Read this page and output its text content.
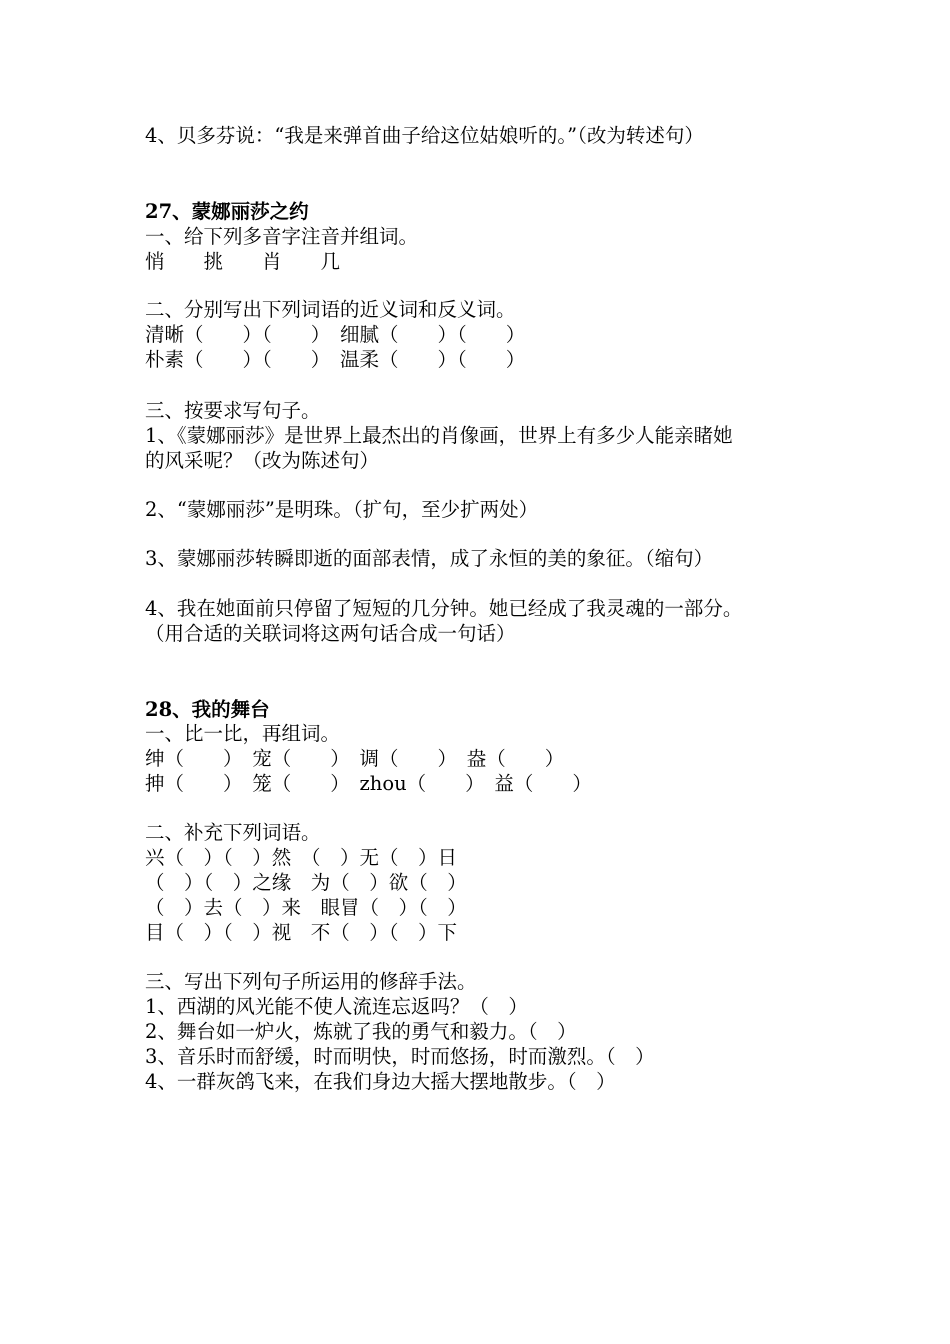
4、贝多芬说：“我是来弹首曲子给这位姑娘听的。”（改为转述句）
27、蒙娜丽莎之约
一、给下列多音字注音并组词。
悄　　挑　　肖　　几
二、分别写出下列词语的近义词和反义词。
清晰（　　）（　　）　细腻（　　）（　　）
朴素（　　）（　　）　温柔（　　）（　　）
三、按要求写句子。
1、《蒙娜丽莎》是世界上最杰出的肖像画，世界上有多少人能亲睹她
的风采呢？（改为陈述句）
2、“蒙娜丽莎”是明珠。（扩句，至少扩两处）
3、蒙娜丽莎转瞬即逝的面部表情，成了永恒的美的象征。（缩句）
4、我在她面前只停留了短短的几分钟。她已经成了我灵魂的一部分。
（用合适的关联词将这两句话合成一句话）
28、我的舞台
一、比一比，再组词。
绅（　　）　宠（　　）　调（　　）　盎（　　）
抻（　　）　笼（　　）　zhou（　　）　益（　　）
二、补充下列词语。
兴（　）（　）然　（　）无（　）日
（　）（　）之缘　为（　）欲（　）
（　）去（　）来　眼冒（　）（　）
目（　）（　）视　不（　）（　）下
三、写出下列句子所运用的修辞手法。
1、西湖的风光能不使人流连忘返吗？（　）
2、舞台如一炉火，炼就了我的勇气和毅力。（　）
3、音乐时而舒缓，时而明快，时而悠扬，时而激烈。（　）
4、一群灰鸽飞来，在我们身边大摇大摆地散步。（　）
